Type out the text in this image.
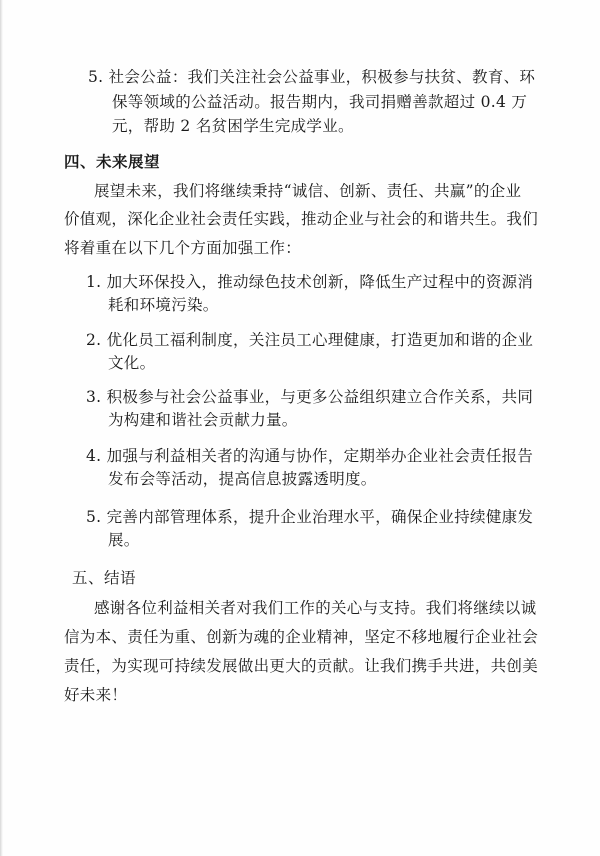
5. 社会公益：我们关注社会公益事业，积极参与扶贫、教育、环
保等领域的公益活动。报告期内，我司捐赠善款超过 0.4 万
元，帮助 2 名贫困学生完成学业。
四、未来展望
展望未来，我们将继续秉持“诚信、创新、责任、共赢”的企业
价值观，深化企业社会责任实践，推动企业与社会的和谐共生。我们
将着重在以下几个方面加强工作：
1. 加大环保投入，推动绿色技术创新，降低生产过程中的资源消
耗和环境污染。
2. 优化员工福利制度，关注员工心理健康，打造更加和谐的企业
文化。
3. 积极参与社会公益事业，与更多公益组织建立合作关系，共同
为构建和谐社会贡献力量。
4. 加强与利益相关者的沟通与协作，定期举办企业社会责任报告
发布会等活动，提高信息披露透明度。
5. 完善内部管理体系，提升企业治理水平，确保企业持续健康发
展。
五、结语
感谢各位利益相关者对我们工作的关心与支持。我们将继续以诚
信为本、责任为重、创新为魂的企业精神，坚定不移地履行企业社会
责任，为实现可持续发展做出更大的贡献。让我们携手共进，共创美
好未来！
